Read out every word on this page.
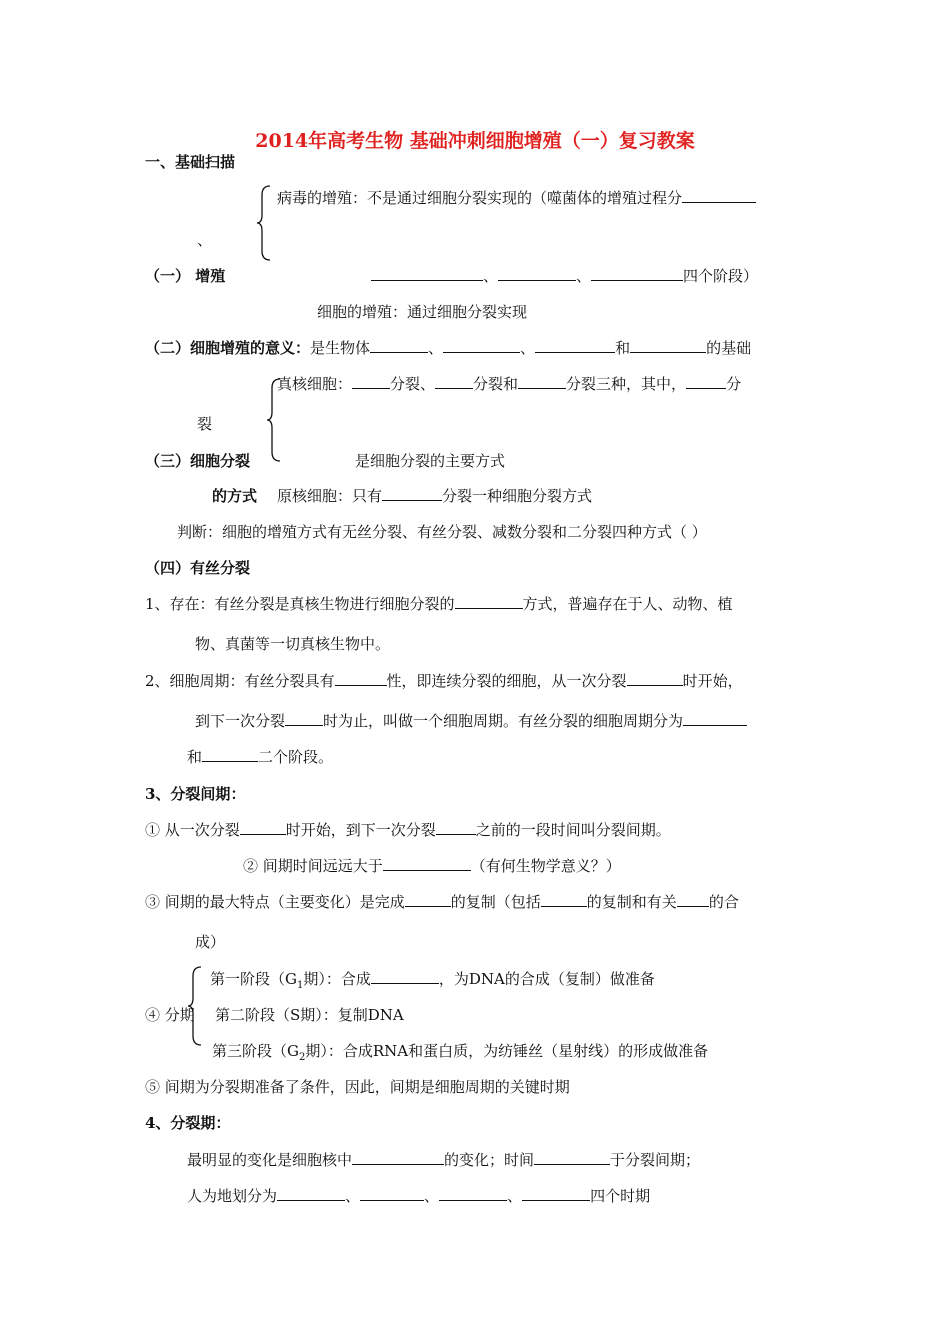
2014年高考生物 基础冲刺细胞增殖（一）复习教案
一、基础扫描
病毒的增殖：不是通过细胞分裂实现的（噬菌体的增殖过程分
、
（一） 增殖	、	、	四个阶段）
细胞的增殖：通过细胞分裂实现
（二）细胞增殖的意义：是生物体	、	、	和	的基础
真核细胞：	分裂、	分裂和	分裂三种，其中，	分
裂
（三）细胞分裂	是细胞分裂的主要方式
的方式 原核细胞：只有	分裂一种细胞分裂方式
判断：细胞的增殖方式有无丝分裂、有丝分裂、减数分裂和二分裂四种方式（ ）
（四）有丝分裂
1、存在：有丝分裂是真核生物进行细胞分裂的	方式，普遍存在于人、动物、植
物、真菌等一切真核生物中。
2、细胞周期：有丝分裂具有	性，即连续分裂的细胞，从一次分裂	时开始，
到下一次分裂	时为止，叫做一个细胞周期。有丝分裂的细胞周期分为
和	二个阶段。
3、分裂间期：
① 从一次分裂	时开始，到下一次分裂	之前的一段时间叫分裂间期。
② 间期时间远远大于	（有何生物学意义？）
③ 间期的最大特点（主要变化）是完成	的复制（包括	的复制和有关 的合
成）
第一阶段（$G_1$期）：合成	，为DNA的合成（复制）做准备
④ 分期 第二阶段（S期）：复制DNA
第三阶段（$G_2$期）：合成RNA和蛋白质，为纺锤丝（星射线）的形成做准备
⑤ 间期为分裂期准备了条件，因此，间期是细胞周期的关键时期
4、分裂期：
最明显的变化是细胞核中	的变化；时间	于分裂间期；
人为地划分为	、	、	、	四个时期
